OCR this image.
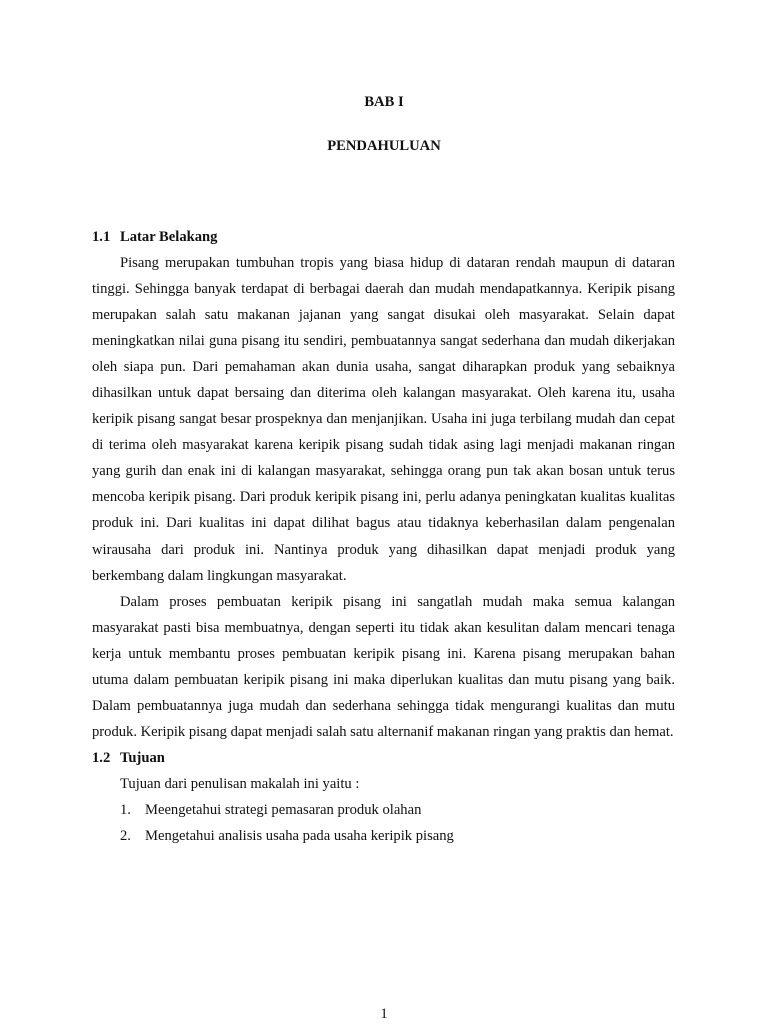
BAB I
PENDAHULUAN
1.1 Latar Belakang

Pisang merupakan tumbuhan tropis yang biasa hidup di dataran rendah maupun di dataran tinggi. Sehingga banyak terdapat di berbagai daerah dan mudah mendapatkannya. Keripik pisang merupakan salah satu makanan jajanan yang sangat disukai oleh masyarakat. Selain dapat meningkatkan nilai guna pisang itu sendiri, pembuatannya sangat sederhana dan mudah dikerjakan oleh siapa pun. Dari pemahaman akan dunia usaha, sangat diharapkan produk yang sebaiknya dihasilkan untuk dapat bersaing dan diterima oleh kalangan masyarakat. Oleh karena itu, usaha keripik pisang sangat besar prospeknya dan menjanjikan. Usaha ini juga terbilang mudah dan cepat di terima oleh masyarakat karena keripik pisang sudah tidak asing lagi menjadi makanan ringan yang gurih dan enak ini di kalangan masyarakat, sehingga orang pun tak akan bosan untuk terus mencoba keripik pisang. Dari produk keripik pisang ini, perlu adanya peningkatan kualitas kualitas produk ini. Dari kualitas ini dapat dilihat bagus atau tidaknya keberhasilan dalam pengenalan wirausaha dari produk ini. Nantinya produk yang dihasilkan dapat menjadi produk yang berkembang dalam lingkungan masyarakat.

Dalam proses pembuatan keripik pisang ini sangatlah mudah maka semua kalangan masyarakat pasti bisa membuatnya, dengan seperti itu tidak akan kesulitan dalam mencari tenaga kerja untuk membantu proses pembuatan keripik pisang ini. Karena pisang merupakan bahan utuma dalam pembuatan keripik pisang ini maka diperlukan kualitas dan mutu pisang yang baik. Dalam pembuatannya juga mudah dan sederhana sehingga tidak mengurangi kualitas dan mutu produk. Keripik pisang dapat menjadi salah satu alternanif makanan ringan yang praktis dan hemat.

1.2 Tujuan

Tujuan dari penulisan makalah ini yaitu :

1. Meengetahui strategi pemasaran produk olahan
2. Mengetahui analisis usaha pada usaha keripik pisang
1
